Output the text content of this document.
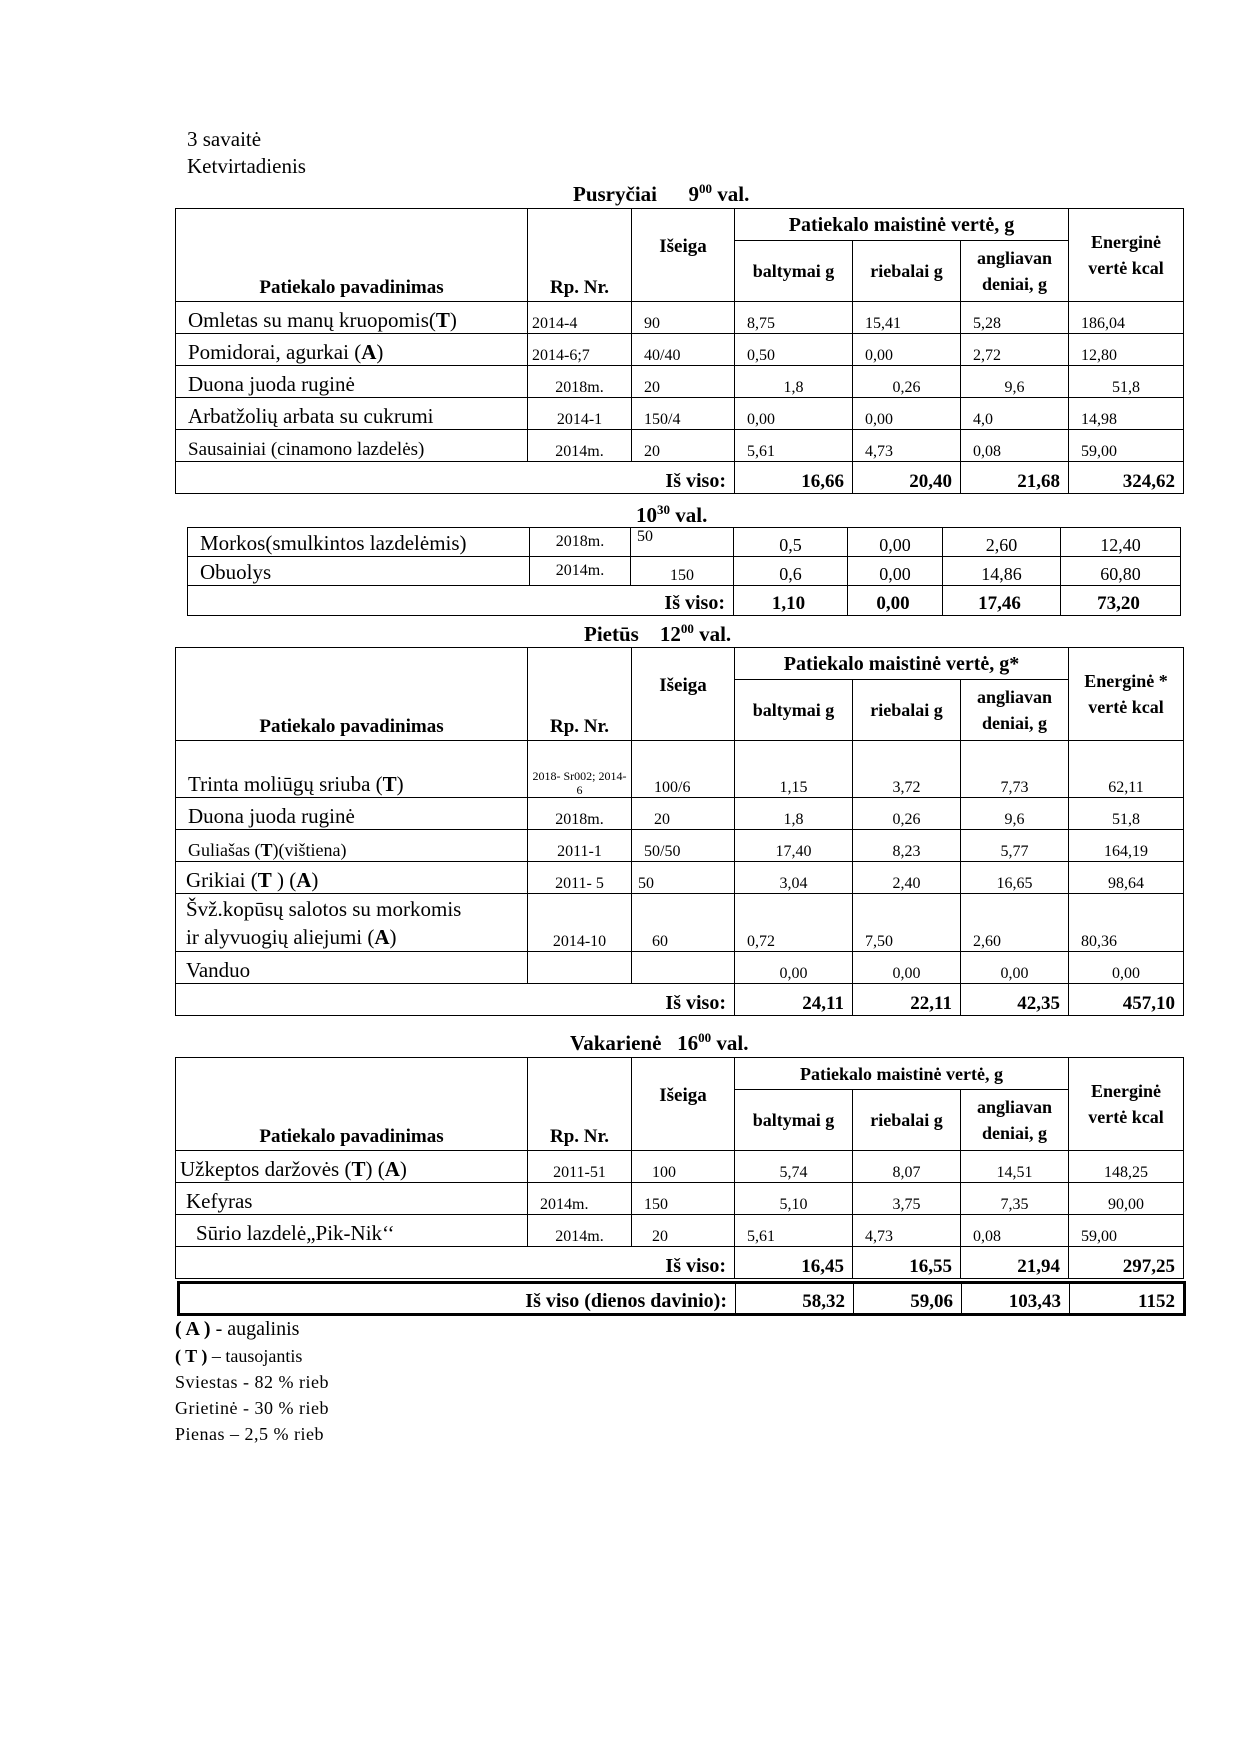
3 savaitė
Ketvirtadienis
Pusryčiai $9^{00}$ val.
Patiekalo pavadinimas	Rp. Nr.	Išeiga	Patiekalo maistinė vertė, g			Energinė vertė kcal
			baltymai g	riebalai g	angliavan deniai, g	
Omletas su manų kruopomis(T)	2014-4	90	8,75	15,41	5,28	186,04
Pomidorai, agurkai (A)	2014-6;7	40/40	0,50	0,00	2,72	12,80
Duona juoda ruginė	2018m.	20	1,8	0,26	9,6	51,8
Arbatžolių arbata su cukrumi	2014-1	150/4	0,00	0,00	4,0	14,98
Sausainiai (cinamono lazdelės)	2014m.	20	5,61	4,73	0,08	59,00
Iš viso:			16,66	20,40	21,68	324,62
$10^{30}$ val.
Morkos(smulkintos lazdelėmis)	2018m.	50	0,5	0,00	2,60	12,40
Obuolys	2014m.	150	0,6	0,00	14,86	60,80
Iš viso:			1,10	0,00	17,46	73,20
Pietūs $12^{00}$ val.
Patiekalo pavadinimas	Rp. Nr.	Išeiga	Patiekalo maistinė vertė, g*			Energinė * vertė kcal
			baltymai g	riebalai g	angliavan deniai, g	
Trinta moliūgų sriuba (T)	2018- Sr002; 2014-6	100/6	1,15	3,72	7,73	62,11
Duona juoda ruginė	2018m.	20	1,8	0,26	9,6	51,8
Guliašas (T)(vištiena)	2011-1	50/50	17,40	8,23	5,77	164,19
Grikiai (T ) (A)	2011- 5	50	3,04	2,40	16,65	98,64
Švž.kopūsų salotos su morkomis
ir alyvuogių aliejumi (A)	2014-10	60	0,72	7,50	2,60	80,36
Vanduo			0,00	0,00	0,00	0,00
Iš viso:			24,11	22,11	42,35	457,10
Vakarienė $16^{00}$ val.
Patiekalo pavadinimas	Rp. Nr.	Išeiga	Patiekalo maistinė vertė, g			Energinė vertė kcal
			baltymai g	riebalai g	angliavan deniai, g	
Užkeptos daržovės (T) (A)	2011-51	100	5,74	8,07	14,51	148,25
Kefyras	2014m.	150	5,10	3,75	7,35	90,00
Sūrio lazdelė„Pik-Nik‘‘	2014m.	20	5,61	4,73	0,08	59,00
Iš viso:			16,45	16,55	21,94	297,25
Iš viso (dienos davinio):	58,32	59,06	103,43	1152
( A ) - augalinis
( T ) – tausojantis
Sviestas - 82 % rieb
Grietinė - 30 % rieb
Pienas – 2,5 % rieb
